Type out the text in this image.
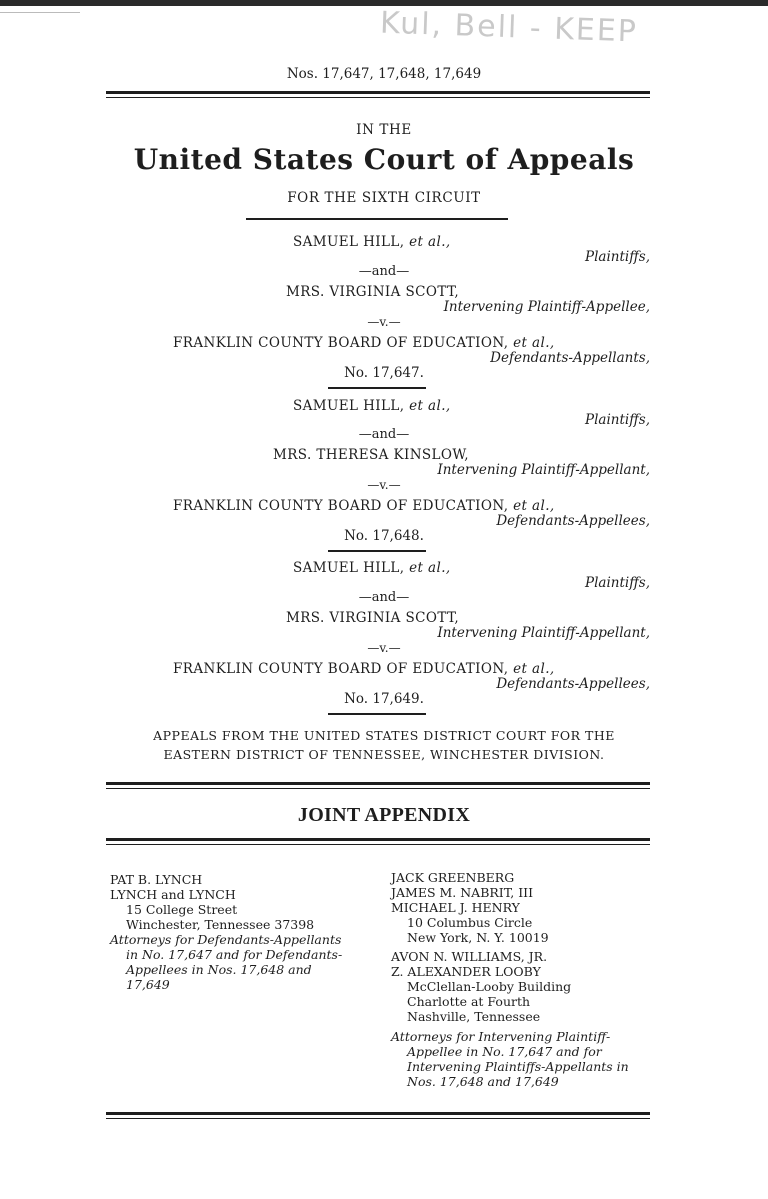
Kul, Bell - KEEP
Nos. 17,647, 17,648, 17,649
IN THE
United States Court of Appeals
FOR THE SIXTH CIRCUIT
SAMUEL HILL, et al.,
Plaintiffs,
—and—
MRS. VIRGINIA SCOTT,
Intervening Plaintiff-Appellee,
—v.—
FRANKLIN COUNTY BOARD OF EDUCATION, et al.,
Defendants-Appellants,
No. 17,647.
SAMUEL HILL, et al.,
Plaintiffs,
—and—
MRS. THERESA KINSLOW,
Intervening Plaintiff-Appellant,
—v.—
FRANKLIN COUNTY BOARD OF EDUCATION, et al.,
Defendants-Appellees,
No. 17,648.
SAMUEL HILL, et al.,
Plaintiffs,
—and—
MRS. VIRGINIA SCOTT,
Intervening Plaintiff-Appellant,
—v.—
FRANKLIN COUNTY BOARD OF EDUCATION, et al.,
Defendants-Appellees,
No. 17,649.
APPEALS FROM THE UNITED STATES DISTRICT COURT FOR THE
EASTERN DISTRICT OF TENNESSEE, WINCHESTER DIVISION.
JOINT APPENDIX
PAT B. LYNCH
LYNCH and LYNCH
15 College Street
Winchester, Tennessee 37398
Attorneys for Defendants-Appellants
in No. 17,647 and for Defendants-
Appellees in Nos. 17,648 and
17,649
JACK GREENBERG
JAMES M. NABRIT, III
MICHAEL J. HENRY
10 Columbus Circle
New York, N. Y. 10019
AVON N. WILLIAMS, JR.
Z. ALEXANDER LOOBY
McClellan-Looby Building
Charlotte at Fourth
Nashville, Tennessee
Attorneys for Intervening Plaintiff-
Appellee in No. 17,647 and for
Intervening Plaintiffs-Appellants in
Nos. 17,648 and 17,649
